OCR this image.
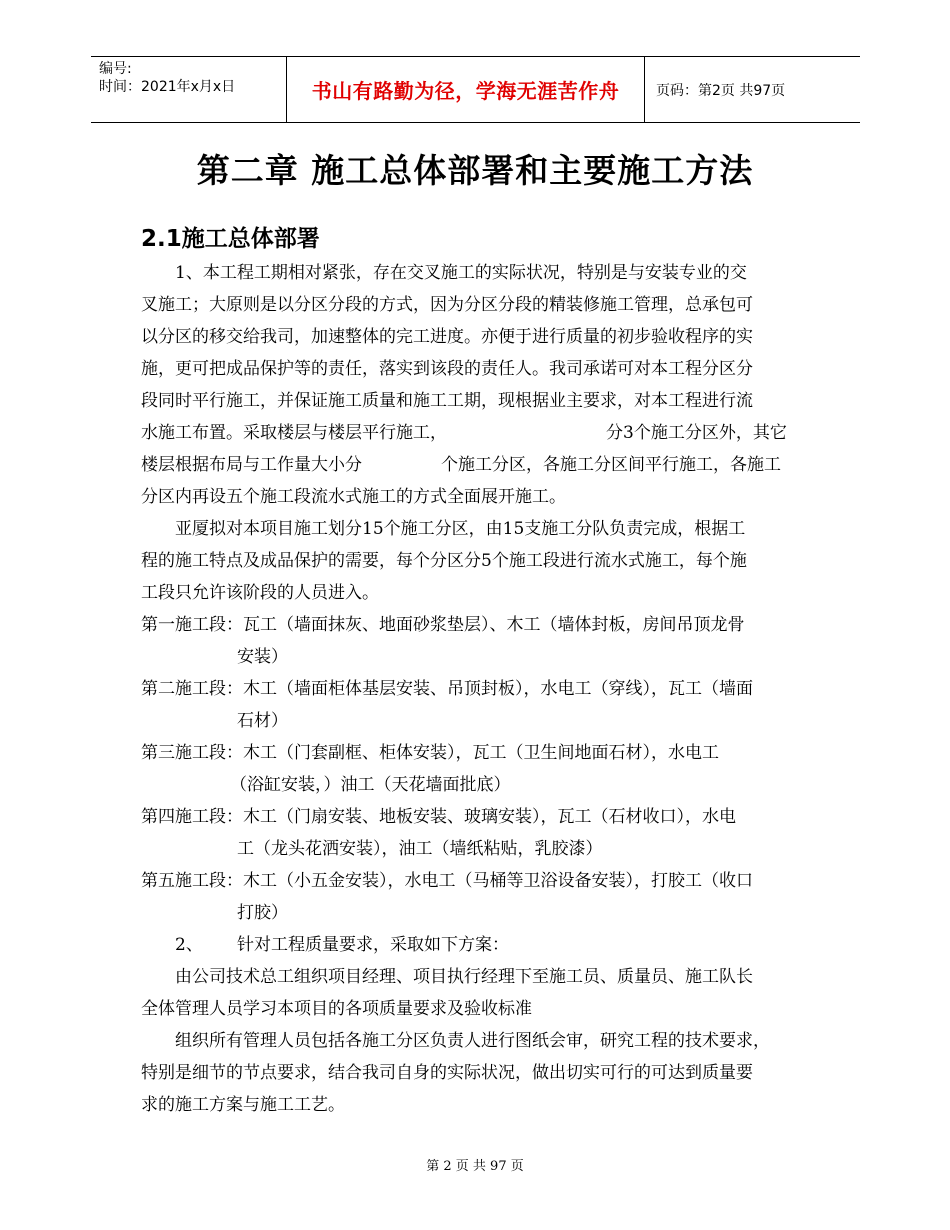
编号:
时间：2021年x月x日	书山有路勤为径，学海无涯苦作舟	页码：第2页 共97页
第二章 施工总体部署和主要施工方法
2.1施工总体部署
1、本工程工期相对紧张，存在交叉施工的实际状况，特别是与安装专业的交
叉施工；大原则是以分区分段的方式，因为分区分段的精装修施工管理，总承包可
以分区的移交给我司，加速整体的完工进度。亦便于进行质量的初步验收程序的实
施，更可把成品保护等的责任，落实到该段的责任人。我司承诺可对本工程分区分
段同时平行施工，并保证施工质量和施工工期，现根据业主要求，对本工程进行流
水施工布置。采取楼层与楼层平行施工，	分3个施工分区外，其它
楼层根据布局与工作量大小分	个施工分区，各施工分区间平行施工，各施工
分区内再设五个施工段流水式施工的方式全面展开施工。
亚厦拟对本项目施工划分15个施工分区，由15支施工分队负责完成，根据工
程的施工特点及成品保护的需要，每个分区分5个施工段进行流水式施工，每个施
工段只允许该阶段的人员进入。
第一施工段：瓦工（墙面抹灰、地面砂浆垫层）、木工（墙体封板，房间吊顶龙骨
安装）
第二施工段：木工（墙面柜体基层安装、吊顶封板），水电工（穿线），瓦工（墙面
石材）
第三施工段：木工（门套副框、柜体安装），瓦工（卫生间地面石材），水电工
（浴缸安装，）油工（天花墙面批底）
第四施工段：木工（门扇安装、地板安装、玻璃安装），瓦工（石材收口），水电
工（龙头花洒安装），油工（墙纸粘贴，乳胶漆）
第五施工段：木工（小五金安装），水电工（马桶等卫浴设备安装），打胶工（收口
打胶）
2、 针对工程质量要求，采取如下方案：
由公司技术总工组织项目经理、项目执行经理下至施工员、质量员、施工队长
全体管理人员学习本项目的各项质量要求及验收标准
组织所有管理人员包括各施工分区负责人进行图纸会审，研究工程的技术要求，
特别是细节的节点要求，结合我司自身的实际状况，做出切实可行的可达到质量要
求的施工方案与施工工艺。
第 2 页 共 97 页
